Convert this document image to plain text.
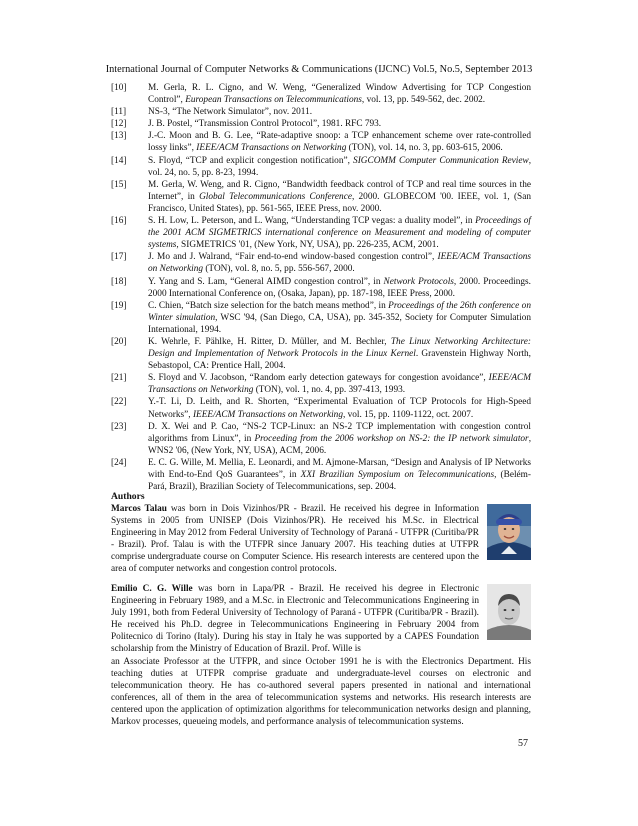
International Journal of Computer Networks & Communications (IJCNC) Vol.5, No.5, September 2013
[10]	M. Gerla, R. L. Cigno, and W. Weng, “Generalized Window Advertising for TCP Congestion Control”, European Transactions on Telecommunications, vol. 13, pp. 549-562, dec. 2002.
[11]	NS-3, “The Network Simulator”, nov. 2011.
[12]	J. B. Postel, “Transmission Control Protocol”, 1981. RFC 793.
[13]	J.-C. Moon and B. G. Lee, “Rate-adaptive snoop: a TCP enhancement scheme over rate-controlled lossy links”, IEEE/ACM Transactions on Networking (TON), vol. 14, no. 3, pp. 603-615, 2006.
[14]	S. Floyd, “TCP and explicit congestion notification”, SIGCOMM Computer Communication Review, vol. 24, no. 5, pp. 8-23, 1994.
[15]	M. Gerla, W. Weng, and R. Cigno, “Bandwidth feedback control of TCP and real time sources in the Internet”, in Global Telecommunications Conference, 2000. GLOBECOM '00. IEEE, vol. 1, (San Francisco, United States), pp. 561-565, IEEE Press, nov. 2000.
[16]	S. H. Low, L. Peterson, and L. Wang, “Understanding TCP vegas: a duality model”, in Proceedings of the 2001 ACM SIGMETRICS international conference on Measurement and modeling of computer systems, SIGMETRICS '01, (New York, NY, USA), pp. 226-235, ACM, 2001.
[17]	J. Mo and J. Walrand, “Fair end-to-end window-based congestion control”, IEEE/ACM Transactions on Networking (TON), vol. 8, no. 5, pp. 556-567, 2000.
[18]	Y. Yang and S. Lam, “General AIMD congestion control”, in Network Protocols, 2000. Proceedings. 2000 International Conference on, (Osaka, Japan), pp. 187-198, IEEE Press, 2000.
[19]	C. Chien, “Batch size selection for the batch means method”, in Proceedings of the 26th conference on Winter simulation, WSC '94, (San Diego, CA, USA), pp. 345-352, Society for Computer Simulation International, 1994.
[20]	K. Wehrle, F. Pählke, H. Ritter, D. Müller, and M. Bechler, The Linux Networking Architecture: Design and Implementation of Network Protocols in the Linux Kernel. Gravenstein Highway North, Sebastopol, CA: Prentice Hall, 2004.
[21]	S. Floyd and V. Jacobson, “Random early detection gateways for congestion avoidance”, IEEE/ACM Transactions on Networking (TON), vol. 1, no. 4, pp. 397-413, 1993.
[22]	Y.-T. Li, D. Leith, and R. Shorten, “Experimental Evaluation of TCP Protocols for High-Speed Networks”, IEEE/ACM Transactions on Networking, vol. 15, pp. 1109-1122, oct. 2007.
[23]	D. X. Wei and P. Cao, “NS-2 TCP-Linux: an NS-2 TCP implementation with congestion control algorithms from Linux”, in Proceeding from the 2006 workshop on NS-2: the IP network simulator, WNS2 '06, (New York, NY, USA), ACM, 2006.
[24]	E. C. G. Wille, M. Mellia, E. Leonardi, and M. Ajmone-Marsan, “Design and Analysis of IP Networks with End-to-End QoS Guarantees”, in XXI Brazilian Symposium on Telecommunications, (Belém- Pará, Brazil), Brazilian Society of Telecommunications, sep. 2004.
Authors
Marcos Talau was born in Dois Vizinhos/PR - Brazil. He received his degree in Information Systems in 2005 from UNISEP (Dois Vizinhos/PR). He received his M.Sc. in Electrical Engineering in May 2012 from Federal University of Technology of Paraná - UTFPR (Curitiba/PR - Brazil). Prof. Talau is with the UTFPR since January 2007. His teaching duties at UTFPR comprise undergraduate course on Computer Science. His research interests are centered upon the area of computer networks and congestion control protocols.
Emilio C. G. Wille was born in Lapa/PR - Brazil. He received his degree in Electronic Engineering in February 1989, and a M.Sc. in Electronic and Telecommunications Engineering in July 1991, both from Federal University of Technology of Paraná - UTFPR (Curitiba/PR - Brazil). He received his Ph.D. degree in Telecommunications Engineering in February 2004 from Politecnico di Torino (Italy). During his stay in Italy he was supported by a CAPES Foundation scholarship from the Ministry of Education of Brazil. Prof. Wille is
an Associate Professor at the UTFPR, and since October 1991 he is with the Electronics Department. His teaching duties at UTFPR comprise graduate and undergraduate-level courses on electronic and telecommunication theory. He has co-authored several papers presented in national and international conferences, all of them in the area of telecommunication systems and networks. His research interests are centered upon the application of optimization algorithms for telecommunication networks design and planning, Markov processes, queueing models, and performance analysis of telecommunication systems.
57
